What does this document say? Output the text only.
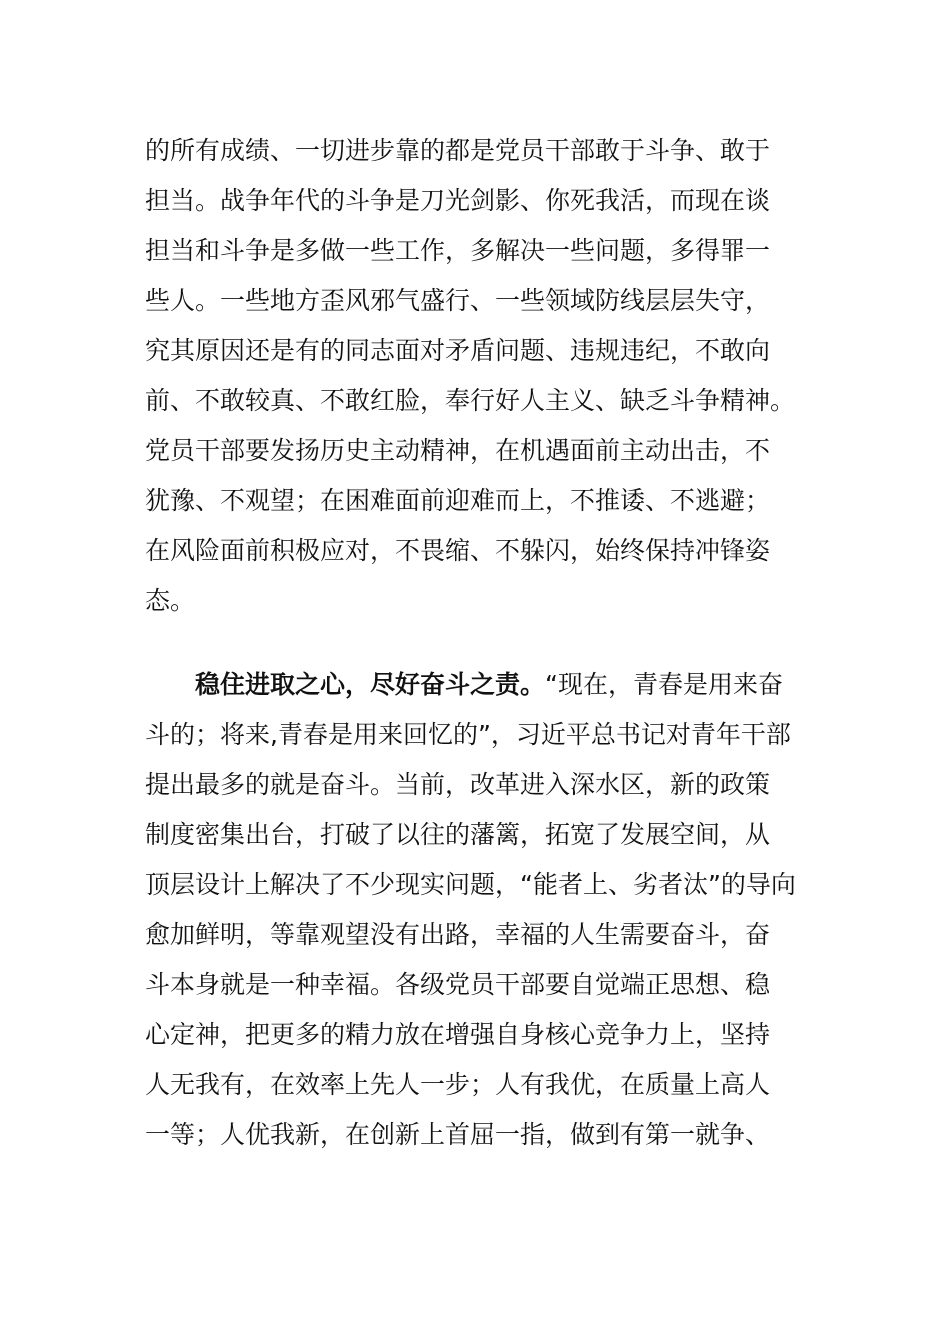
的所有成绩、一切进步靠的都是党员干部敢于斗争、敢于
担当。战争年代的斗争是刀光剑影、你死我活，而现在谈
担当和斗争是多做一些工作，多解决一些问题，多得罪一
些人。一些地方歪风邪气盛行、一些领域防线层层失守，
究其原因还是有的同志面对矛盾问题、违规违纪，不敢向
前、不敢较真、不敢红脸，奉行好人主义、缺乏斗争精神。
党员干部要发扬历史主动精神，在机遇面前主动出击，不
犹豫、不观望；在困难面前迎难而上，不推诿、不逃避；
在风险面前积极应对，不畏缩、不躲闪，始终保持冲锋姿
态。
稳住进取之心，尽好奋斗之责。“现在，青春是用来奋
斗的；将来,青春是用来回忆的”，习近平总书记对青年干部
提出最多的就是奋斗。当前，改革进入深水区，新的政策
制度密集出台，打破了以往的藩篱，拓宽了发展空间，从
顶层设计上解决了不少现实问题，“能者上、劣者汰”的导向
愈加鲜明，等靠观望没有出路，幸福的人生需要奋斗，奋
斗本身就是一种幸福。各级党员干部要自觉端正思想、稳
心定神，把更多的精力放在增强自身核心竞争力上，坚持
人无我有，在效率上先人一步；人有我优，在质量上高人
一等；人优我新，在创新上首屈一指，做到有第一就争、
